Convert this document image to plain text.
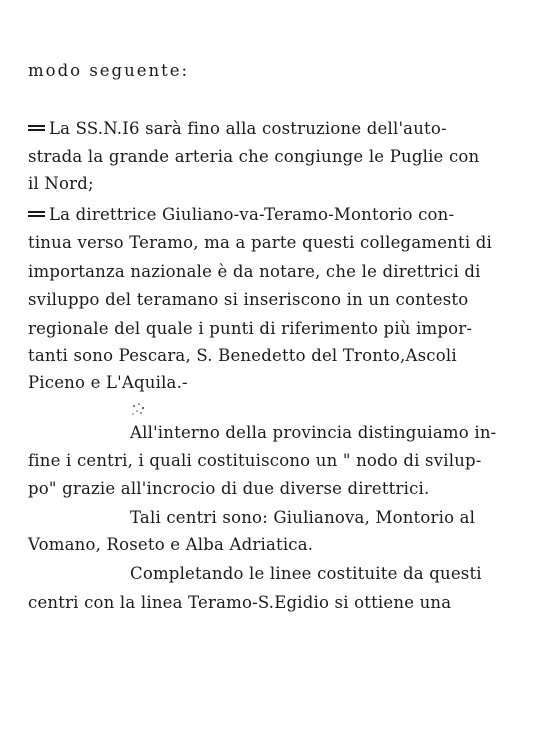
modo seguente:
La SS.N.I6 sarà fino alla costruzione dell'auto-
strada la grande arteria che congiunge le Puglie con
il Nord;
La direttrice Giuliano-va-Teramo-Montorio con-
tinua verso Teramo, ma a parte questi collegamenti di
importanza nazionale è da notare, che le direttrici di
sviluppo del teramano si inseriscono in un contesto
regionale del quale i punti di riferimento più impor-
tanti sono Pescara, S. Benedetto del Tronto,Ascoli
Piceno e L'Aquila.-
All'interno della provincia distinguiamo in-
fine i centri, i quali costituiscono un " nodo di svilup-
po" grazie all'incrocio di due diverse direttrici.
Tali centri sono: Giulianova, Montorio al
Vomano, Roseto e Alba Adriatica.
Completando le linee costituite da questi
centri con la linea Teramo-S.Egidio si ottiene una
